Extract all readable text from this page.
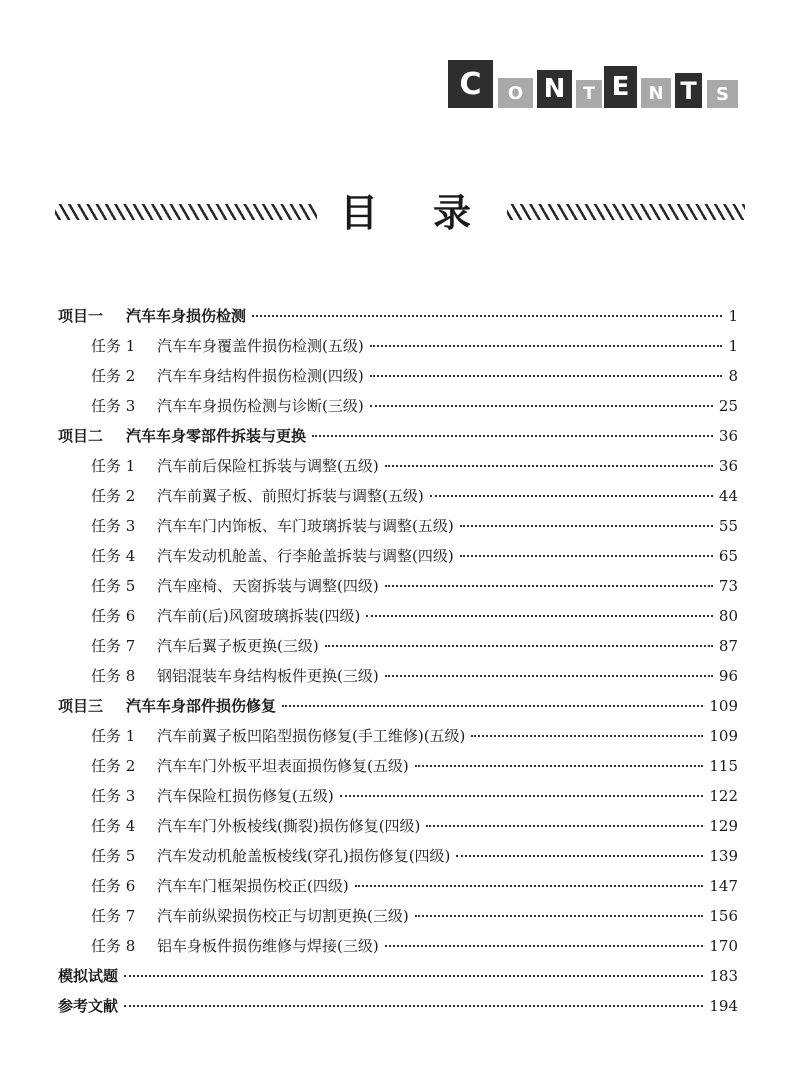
C	O N	T E	N T	S
目 录
项目一	汽车车身损伤检测	1
任务 1	汽车车身覆盖件损伤检测(五级)	1
任务 2	汽车车身结构件损伤检测(四级)	8
任务 3	汽车车身损伤检测与诊断(三级)	25
项目二	汽车车身零部件拆装与更换	36
任务 1	汽车前后保险杠拆装与调整(五级)	36
任务 2	汽车前翼子板、前照灯拆装与调整(五级)	44
任务 3	汽车车门内饰板、车门玻璃拆装与调整(五级)	55
任务 4	汽车发动机舱盖、行李舱盖拆装与调整(四级)	65
任务 5	汽车座椅、天窗拆装与调整(四级)	73
任务 6	汽车前(后)风窗玻璃拆装(四级)	80
任务 7	汽车后翼子板更换(三级)	87
任务 8	钢铝混装车身结构板件更换(三级)	96
项目三	汽车车身部件损伤修复	109
任务 1	汽车前翼子板凹陷型损伤修复(手工维修)(五级)	109
任务 2	汽车车门外板平坦表面损伤修复(五级)	115
任务 3	汽车保险杠损伤修复(五级)	122
任务 4	汽车车门外板棱线(撕裂)损伤修复(四级)	129
任务 5	汽车发动机舱盖板棱线(穿孔)损伤修复(四级)	139
任务 6	汽车车门框架损伤校正(四级)	147
任务 7	汽车前纵梁损伤校正与切割更换(三级)	156
任务 8	铝车身板件损伤维修与焊接(三级)	170
模拟试题	183
参考文献	194
